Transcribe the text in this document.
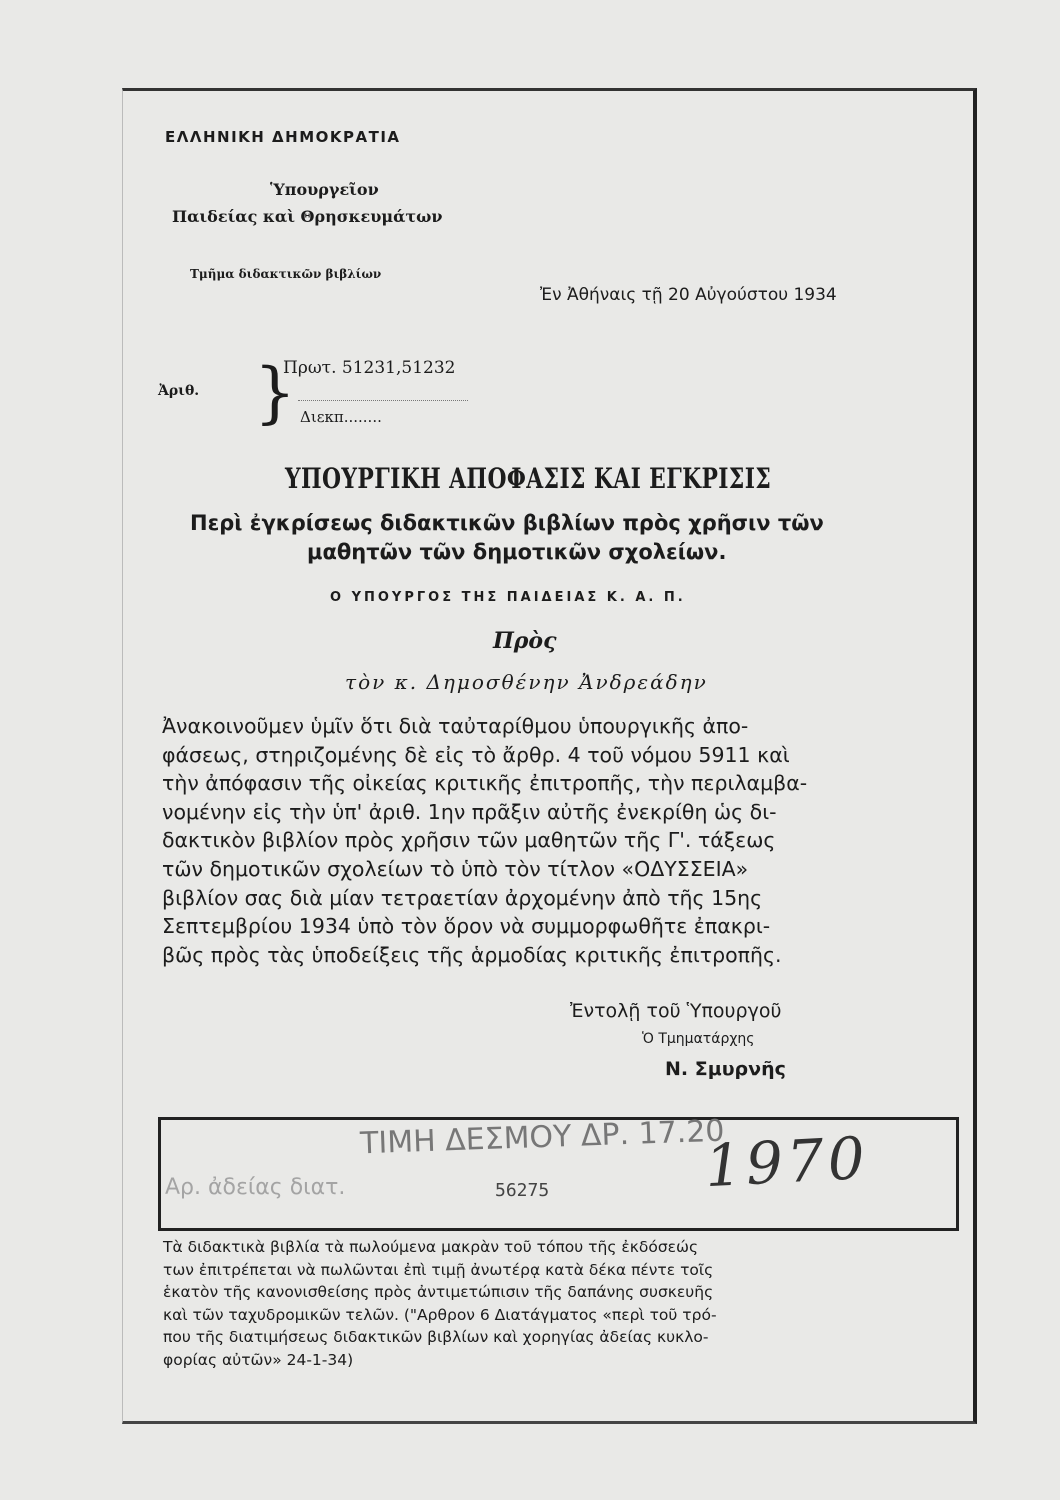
ΕΛΛΗΝΙΚΗ ΔΗΜΟΚΡΑΤΙΑ
Ὑπουργεῖον
Παιδείας καὶ Θρησκευμάτων
Τμῆμα διδακτικῶν βιβλίων
Ἐν Ἀθήναις τῇ 20 Αὐγούστου 1934
Ἀριθ. }
Πρωτ. 51231,51232
Διεκπ........
ΥΠΟΥΡΓΙΚΗ ΑΠΟΦΑΣΙΣ ΚΑΙ ΕΓΚΡΙΣΙΣ
Περὶ ἐγκρίσεως διδακτικῶν βιβλίων πρὸς χρῆσιν τῶν
μαθητῶν τῶν δημοτικῶν σχολείων.
Ο ΥΠΟΥΡΓΟΣ ΤΗΣ ΠΑΙΔΕΙΑΣ Κ. Α. Π.
Πρὸς
τὸν κ. Δημοσθένην Ἀνδρεάδην
Ἀνακοινοῦμεν ὑμῖν ὅτι διὰ ταὐταρίθμου ὑπουργικῆς ἀπο-
φάσεως, στηριζομένης δὲ εἰς τὸ ἄρθρ. 4 τοῦ νόμου 5911 καὶ
τὴν ἀπόφασιν τῆς οἰκείας κριτικῆς ἐπιτροπῆς, τὴν περιλαμβα-
νομένην εἰς τὴν ὑπ' ἀριθ. 1ην πρᾶξιν αὐτῆς ἐνεκρίθη ὡς δι-
δακτικὸν βιβλίον πρὸς χρῆσιν τῶν μαθητῶν τῆς Γ'. τάξεως
τῶν δημοτικῶν σχολείων τὸ ὑπὸ τὸν τίτλον «ΟΔΥΣΣΕΙΑ»
βιβλίον σας διὰ μίαν τετραετίαν ἀρχομένην ἀπὸ τῆς 15ης
Σεπτεμβρίου 1934 ὑπὸ τὸν ὅρον νὰ συμμορφωθῆτε ἐπακρι-
βῶς πρὸς τὰς ὑποδείξεις τῆς ἁρμοδίας κριτικῆς ἐπιτροπῆς.
Ἐντολῇ τοῦ Ὑπουργοῦ
Ὁ Τμηματάρχης
Ν. Σμυρνῆς
Αρ. ἀδείας διατ.
ΤΙΜΗ ΔΕΣΜΟΥ ΔΡ. 17.20
56275	1970
Τὰ διδακτικὰ βιβλία τὰ πωλούμενα μακρὰν τοῦ τόπου τῆς ἐκδόσεώς
των ἐπιτρέπεται νὰ πωλῶνται ἐπὶ τιμῇ ἀνωτέρᾳ κατὰ δέκα πέντε τοῖς
ἑκατὸν τῆς κανονισθείσης πρὸς ἀντιμετώπισιν τῆς δαπάνης συσκευῆς
καὶ τῶν ταχυδρομικῶν τελῶν. ("Αρθρον 6 Διατάγματος «περὶ τοῦ τρό-
που τῆς διατιμήσεως διδακτικῶν βιβλίων καὶ χορηγίας ἀδείας κυκλο-
φορίας αὐτῶν» 24-1-34)
